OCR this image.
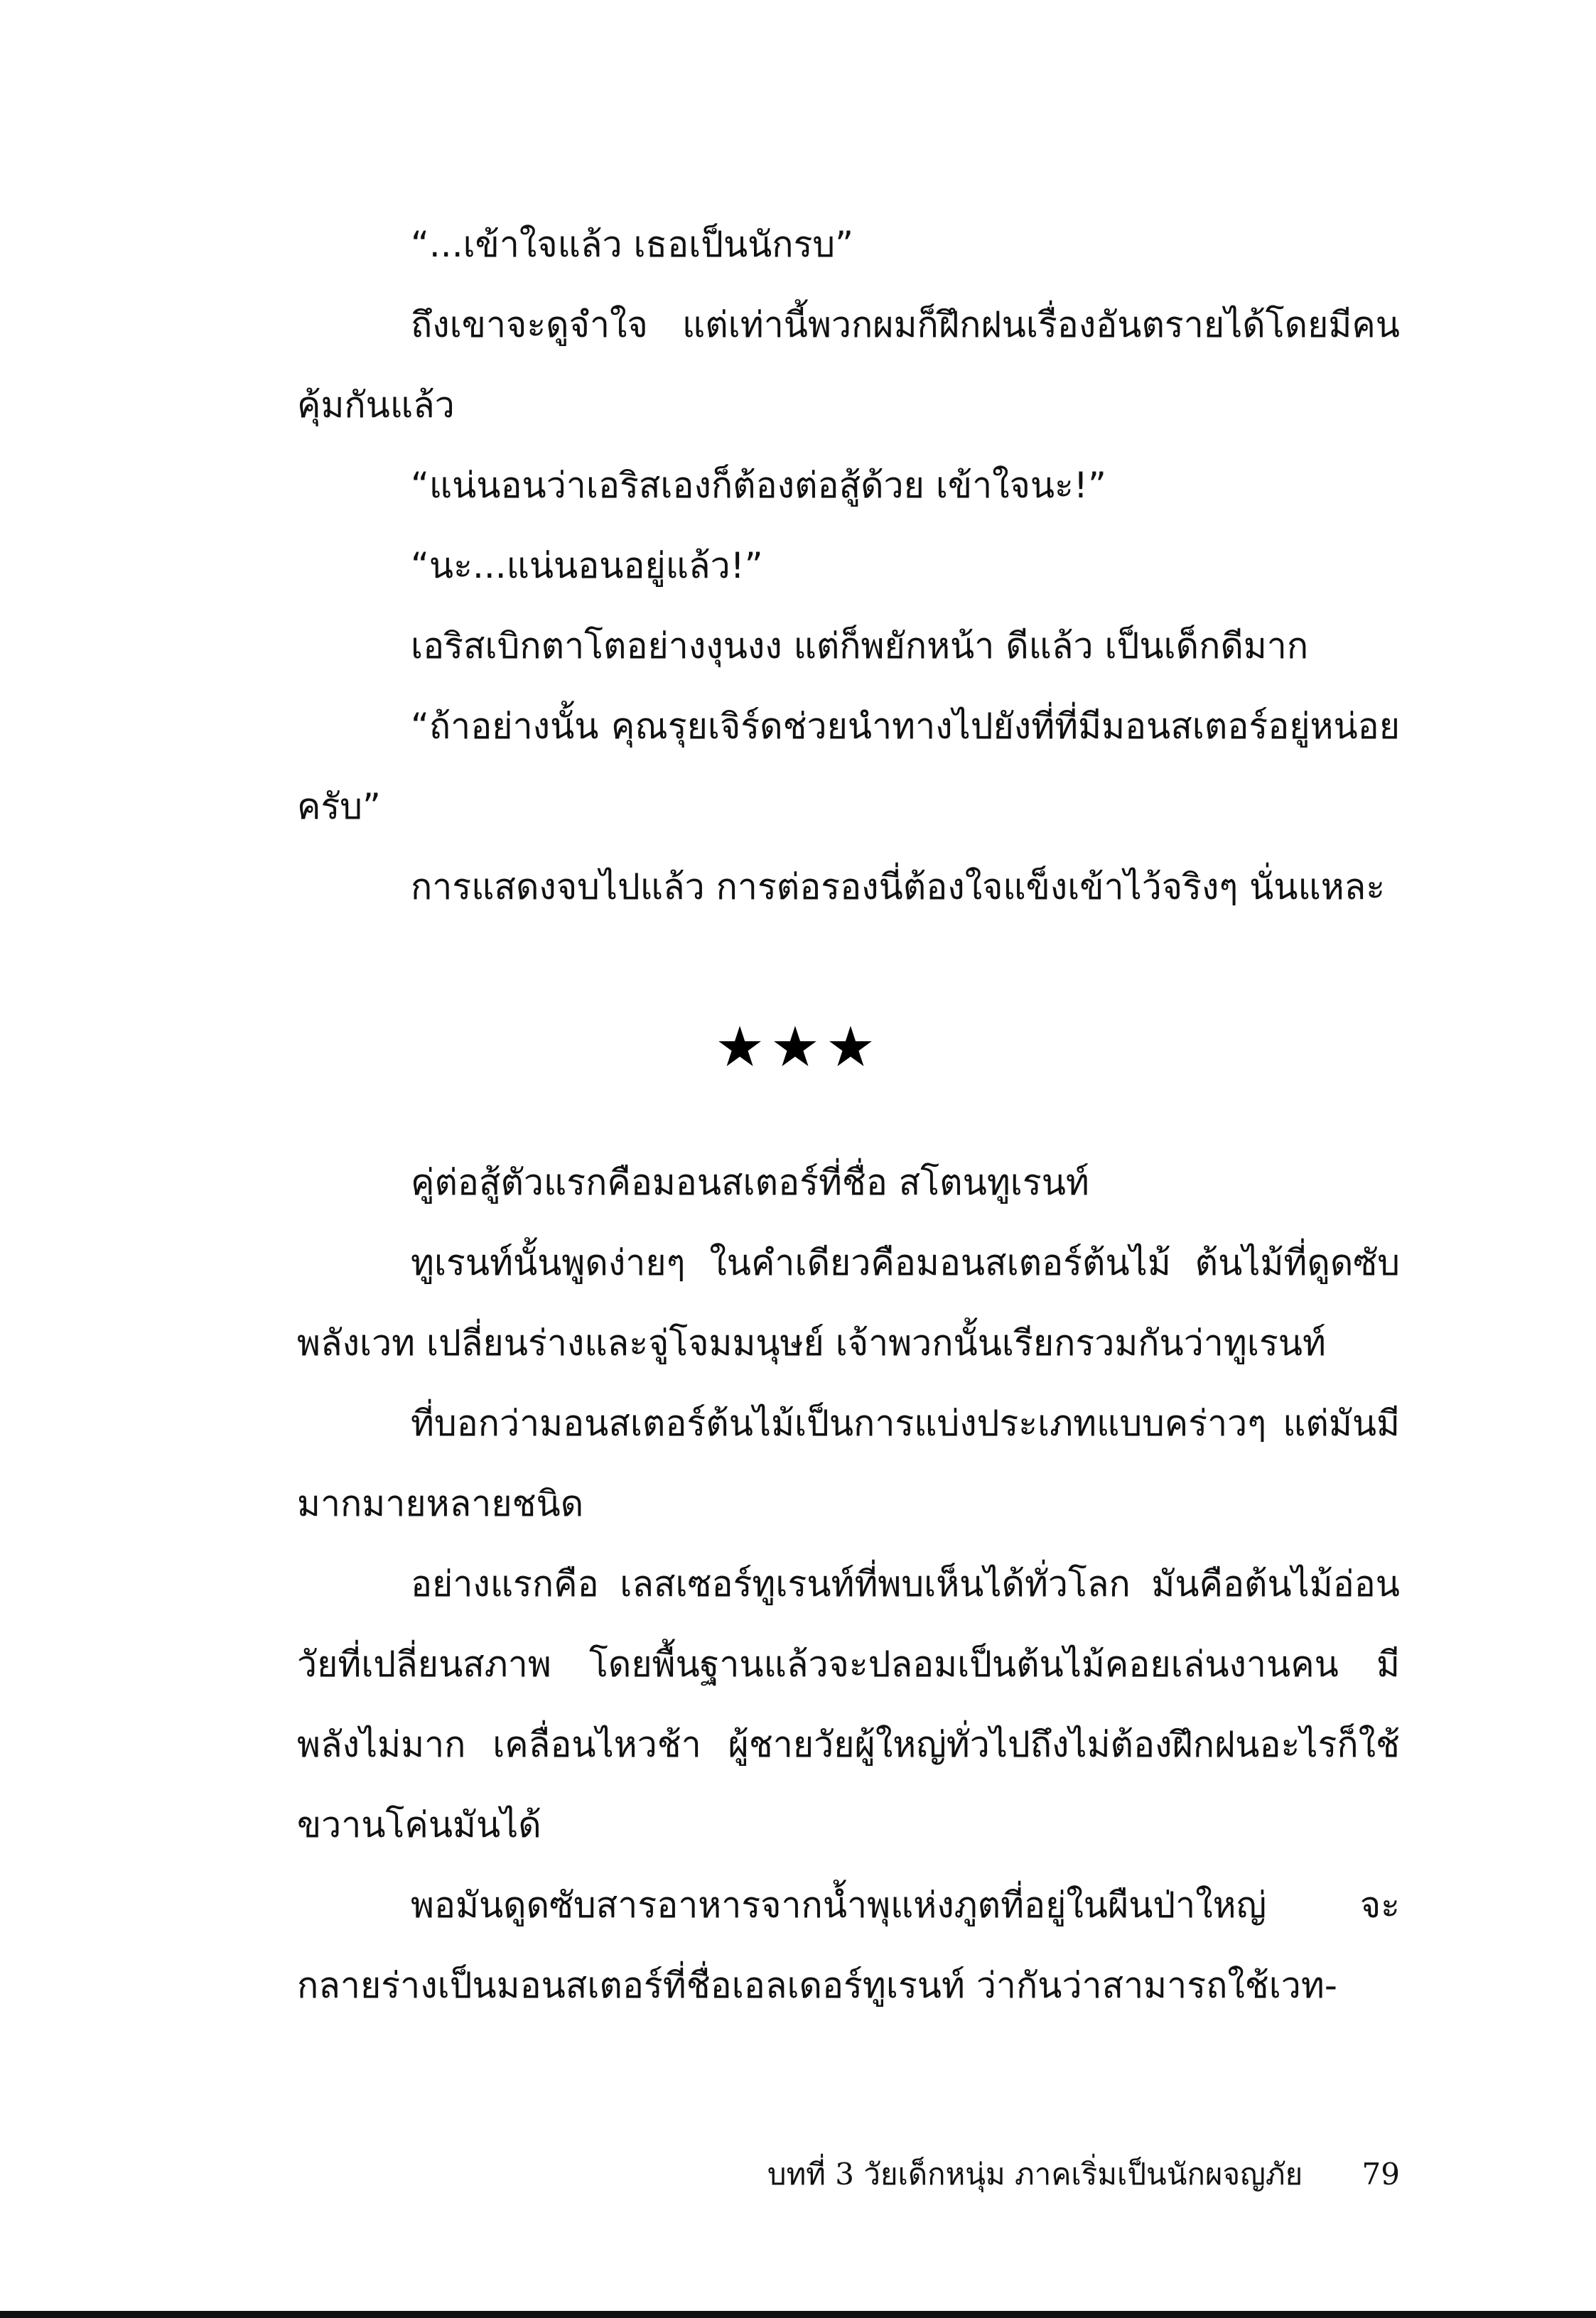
“...เข้าใจแล้ว เธอเป็นนักรบ”

ถึงเขาจะดูจำใจ แต่เท่านี้พวกผมก็ฝึกฝนเรื่องอันตรายได้โดยมีคนคุ้มกันแล้ว

“แน่นอนว่าเอริสเองก็ต้องต่อสู้ด้วย เข้าใจนะ!”

“นะ...แน่นอนอยู่แล้ว!”

เอริสเบิกตาโตอย่างงุนงง แต่ก็พยักหน้า ดีแล้ว เป็นเด็กดีมาก

“ถ้าอย่างนั้น คุณรุยเจิร์ดช่วยนำทางไปยังที่ที่มีมอนสเตอร์อยู่หน่อยครับ”

การแสดงจบไปแล้ว การต่อรองนี่ต้องใจแข็งเข้าไว้จริงๆ นั่นแหละ

★★★

คู่ต่อสู้ตัวแรกคือมอนสเตอร์ที่ชื่อ สโตนทูเรนท์

ทูเรนท์นั้นพูดง่ายๆ ในคำเดียวคือมอนสเตอร์ต้นไม้ ต้นไม้ที่ดูดซับพลังเวท เปลี่ยนร่างและจู่โจมมนุษย์ เจ้าพวกนั้นเรียกรวมกันว่าทูเรนท์

ที่บอกว่ามอนสเตอร์ต้นไม้เป็นการแบ่งประเภทแบบคร่าวๆ แต่มันมีมากมายหลายชนิด

อย่างแรกคือ เลสเซอร์ทูเรนท์ที่พบเห็นได้ทั่วโลก มันคือต้นไม้อ่อนวัยที่เปลี่ยนสภาพ โดยพื้นฐานแล้วจะปลอมเป็นต้นไม้คอยเล่นงานคน มีพลังไม่มาก เคลื่อนไหวช้า ผู้ชายวัยผู้ใหญ่ทั่วไปถึงไม่ต้องฝึกฝนอะไรก็ใช้ขวานโค่นมันได้

พอมันดูดซับสารอาหารจากน้ำพุแห่งภูตที่อยู่ในผืนป่าใหญ่ จะกลายร่างเป็นมอนสเตอร์ที่ชื่อเอลเดอร์ทูเรนท์ ว่ากันว่าสามารถใช้เวท-

บทที่ 3 วัยเด็กหนุ่ม ภาคเริ่มเป็นนักผจญภัย 79
